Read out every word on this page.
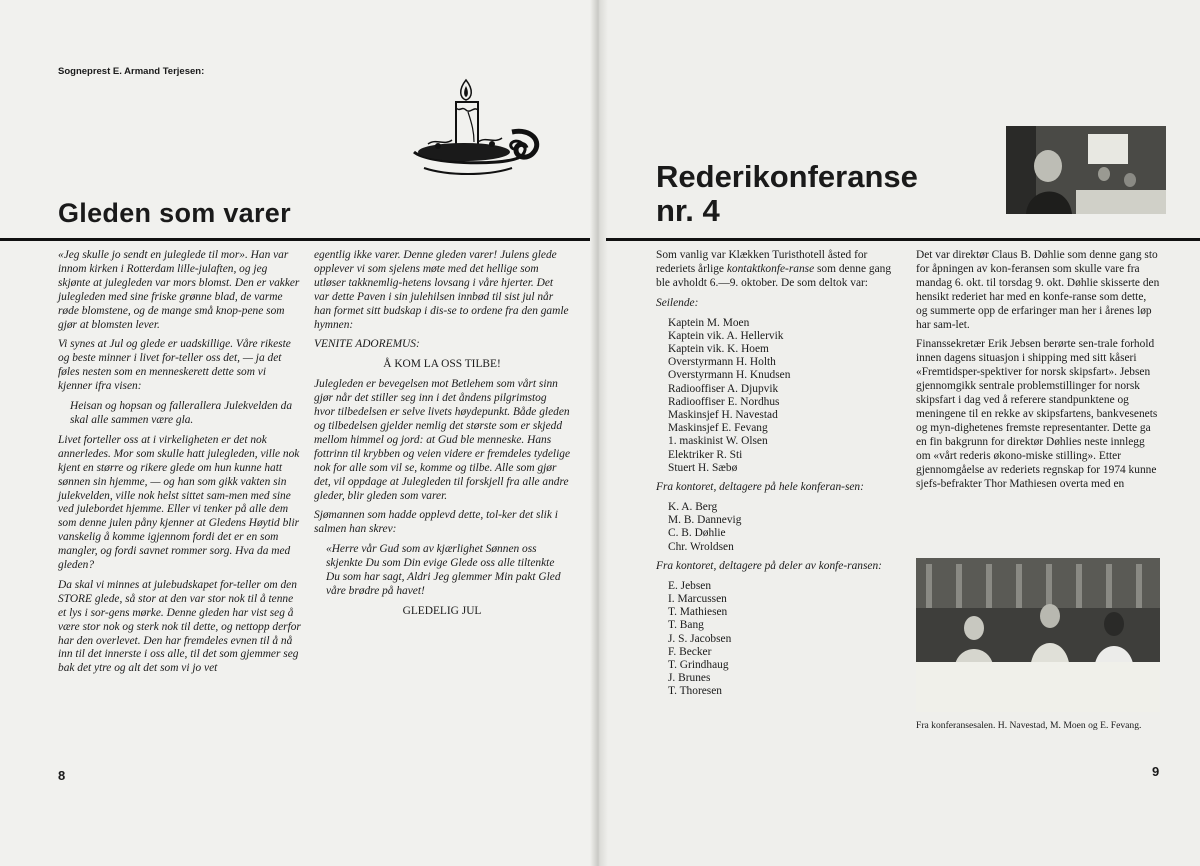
Sogneprest E. Armand Terjesen:
Gleden som varer

«Jeg skulle jo sendt en juleglede til mor». Han var innom kirken i Rotterdam lille-julaften, og jeg skjønte at julegleden var mors blomst. Den er vakker julegleden med sine friske grønne blad, de varme røde blomstene, og de mange små knop-pene som gjør at blomsten lever.

Vi synes at Jul og glede er uadskillige. Våre rikeste og beste minner i livet for-teller oss det, — ja det føles nesten som en menneskerett dette som vi kjenner ifra visen:

Heisan og hopsan og fallerallera Julekvelden da skal alle sammen være gla.

Livet forteller oss at i virkeligheten er det nok annerledes. Mor som skulle hatt julegleden, ville nok kjent en større og rikere glede om hun kunne hatt sønnen sin hjemme, — og han som gikk vakten sin julekvelden, ville nok helst sittet sam-men med sine ved julebordet hjemme. Eller vi tenker på alle dem som denne julen påny kjenner at Gledens Høytid blir vanskelig å komme igjennom fordi det er en som mangler, og fordi savnet rommer sorg. Hva da med gleden?

Da skal vi minnes at julebudskapet for-teller om den STORE glede, så stor at den var stor nok til å tenne et lys i sor-gens mørke. Denne gleden har vist seg å være stor nok og sterk nok til dette, og nettopp derfor har den overlevet. Den har fremdeles evnen til å nå inn til det innerste i oss alle, til det som gjemmer seg bak det ytre og alt det som vi jo vet

egentlig ikke varer. Denne gleden varer! Julens glede opplever vi som sjelens møte med det hellige som utløser takknemlig-hetens lovsang i våre hjerter. Det var dette Paven i sin julehilsen innbød til sist jul når han formet sitt budskap i dis-se to ordene fra den gamle hymnen:

VENITE ADOREMUS:

Å KOM LA OSS TILBE!

Julegleden er bevegelsen mot Betlehem som vårt sinn gjør når det stiller seg inn i det åndens pilgrimstog hvor tilbedelsen er selve livets høydepunkt. Både gleden og tilbedelsen gjelder nemlig det største som er skjedd mellom himmel og jord: at Gud ble menneske. Hans fottrinn til krybben og veien videre er fremdeles tydelige nok for alle som vil se, komme og tilbe. Alle som gjør det, vil oppdage at Julegleden til forskjell fra alle andre gleder, blir gleden som varer.

Sjømannen som hadde opplevd dette, tol-ker det slik i salmen han skrev:

«Herre vår Gud som av kjærlighet Sønnen oss skjenkte Du som Din evige Glede oss alle tiltenkte Du som har sagt, Aldri Jeg glemmer Min pakt Gled våre brødre på havet!

GLEDELIG JUL

8
Rederikonferanse
nr. 4

Som vanlig var Klækken Turisthotell åsted for rederiets årlige kontaktkonfe-ranse som denne gang ble avholdt 6.—9. oktober. De som deltok var:

Seilende:

Kaptein M. Moen
Kaptein vik. A. Hellervik
Kaptein vik. K. Hoem
Overstyrmann H. Holth
Overstyrmann H. Knudsen
Radiooffiser A. Djupvik
Radiooffiser E. Nordhus
Maskinsjef H. Navestad
Maskinsjef E. Fevang
1. maskinist W. Olsen
Elektriker R. Sti
Stuert H. Sæbø

Fra kontoret, deltagere på hele konferan-sen:

K. A. Berg
M. B. Dannevig
C. B. Døhlie
Chr. Wroldsen

Fra kontoret, deltagere på deler av konfe-ransen:

E. Jebsen
I. Marcussen
T. Mathiesen
T. Bang
J. S. Jacobsen
F. Becker
T. Grindhaug
J. Brunes
T. Thoresen

Det var direktør Claus B. Døhlie som denne gang sto for åpningen av kon-feransen som skulle vare fra mandag 6. okt. til torsdag 9. okt. Døhlie skisserte den hensikt rederiet har med en konfe-ranse som dette, og summerte opp de erfaringer man her i årenes løp har sam-let.

Finanssekretær Erik Jebsen berørte sen-trale forhold innen dagens situasjon i shipping med sitt kåseri «Fremtidsper-spektiver for norsk skipsfart». Jebsen gjennomgikk sentrale problemstillinger for norsk skipsfart i dag ved å referere standpunktene og meningene til en rekke av skipsfartens, bankvesenets og myn-dighetenes fremste representanter. Dette ga en fin bakgrunn for direktør Døhlies neste innlegg om «vårt rederis økono-miske stilling». Etter gjennomgåelse av rederiets regnskap for 1974 kunne sjefs-befrakter Thor Mathiesen overta med en

Fra konferansesalen. H. Navestad, M. Moen og E. Fevang.
9
